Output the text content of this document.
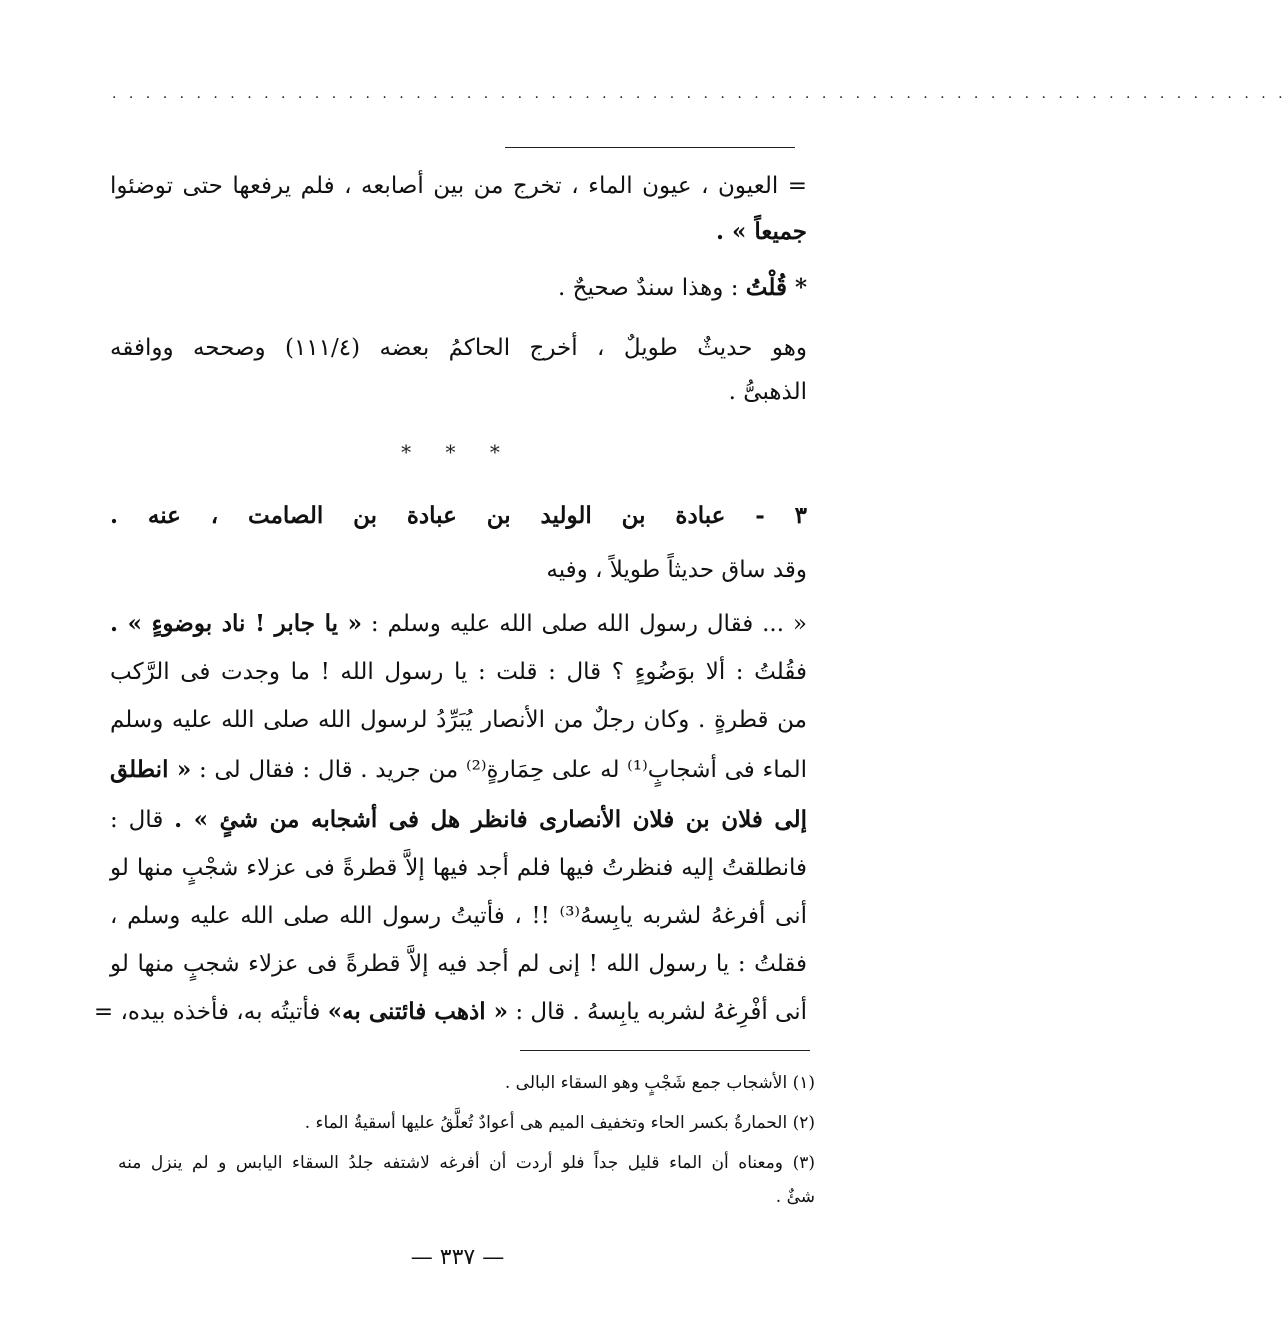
. . . . . . . . . . . . . . . . . . . . . . . . . . . . . . . . . . . . . . . . . . . . . . . . . . . . . . . . . . . . . . . . . . . . . .
= العيون ، عيون الماء ، تخرج من بين أصابعه ، فلم يرفعها حتى توضئوا
جميعاً » .
* قُلْتُ : وهذا سندٌ صحيحٌ .
وهو حديثٌ طويلٌ ، أخرج الحاكمُ بعضه (١١١/٤) وصححه ووافقه
الذهبىُّ .
* * *
٣ - عبادة بن الوليد بن عبادة بن الصامت ، عنه .
وقد ساق حديثاً طويلاً ، وفيه
« ... فقال رسول الله صلى الله عليه وسلم : « يا جابر ! ناد بوضوءٍ » .
فقُلتُ : ألا بوَضُوءٍ ؟ قال : قلت : يا رسول الله ! ما وجدت فى الرَّكب
من قطرةٍ . وكان رجلٌ من الأنصار يُبَرِّدُ لرسول الله صلى الله عليه وسلم
الماء فى أشجابٍ⁽¹⁾ له على حِمَارةٍ⁽²⁾ من جريد . قال : فقال لى : « انطلق
إلى فلان بن فلان الأنصارى فانظر هل فى أشجابه من شئٍ » . قال :
فانطلقتُ إليه فنظرتُ فيها فلم أجد فيها إلاَّ قطرةً فى عزلاء شجْبٍ منها لو
أنى أفرغهُ لشربه يابِسهُ⁽³⁾ !! ، فأتيتُ رسول الله صلى الله عليه وسلم ،
فقلتُ : يا رسول الله ! إنى لم أجد فيه إلاَّ قطرةً فى عزلاء شجبٍ منها لو
أنى أفْرِغهُ لشربه يابِسهُ . قال : « اذهب فائتنى به» فأتيتُه به، فأخذه بيده، =
(١) الأشجاب جمع شَجْبٍ وهو السقاء البالى .
(٢) الحمارةُ بكسر الحاء وتخفيف الميم هى أعوادٌ تُعلَّقُ عليها أسقيةُ الماء .
(٣) ومعناه أن الماء قليل جداً فلو أردت أن أفرغه لاشتفه جلدُ السقاء اليابس و لم ينزل منه
شئٌ .
— ٣٣٧ —
